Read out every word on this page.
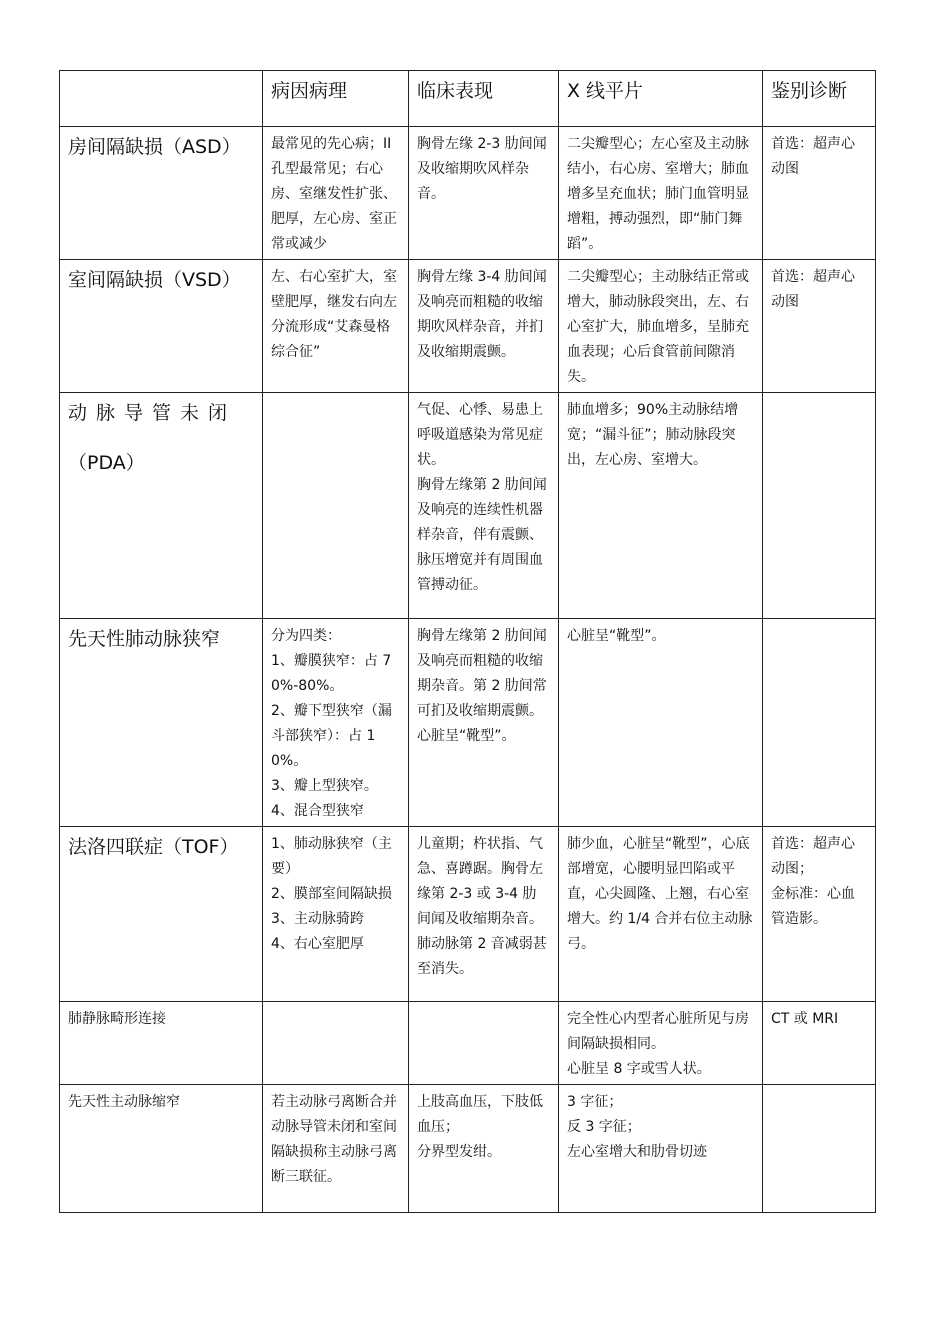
	病因病理	临床表现	X 线平片	鉴别诊断
房间隔缺损（ASD）	最常见的先心病；II 孔型最常见；右心房、室继发性扩张、肥厚，左心房、室正常或减少	胸骨左缘 2-3 肋间闻及收缩期吹风样杂音。	二尖瓣型心；左心室及主动脉结小，右心房、室增大；肺血增多呈充血状；肺门血管明显增粗，搏动强烈，即“肺门舞蹈”。	首选：超声心动图

室间隔缺损（VSD）	左、右心室扩大，室壁肥厚，继发右向左分流形成“艾森曼格综合征”	胸骨左缘 3-4 肋间闻及响亮而粗糙的收缩期吹风样杂音，并扪及收缩期震颤。	二尖瓣型心；主动脉结正常或增大，肺动脉段突出，左、右心室扩大，肺血增多，呈肺充血表现；心后食管前间隙消失。	首选：超声心动图

动脉导管未闭
（PDA）		气促、心悸、易患上呼吸道感染为常见症状。
胸骨左缘第 2 肋间闻及响亮的连续性机器样杂音，伴有震颤、脉压增宽并有周围血管搏动征。	肺血增多；90%主动脉结增宽；“漏斗征”；肺动脉段突出，左心房、室增大。	

先天性肺动脉狭窄	分为四类：
1、瓣膜狭窄：占 70%-80%。
2、瓣下型狭窄（漏斗部狭窄）：占 10%。
3、瓣上型狭窄。
4、混合型狭窄	胸骨左缘第 2 肋间闻及响亮而粗糙的收缩期杂音。第 2 肋间常可扪及收缩期震颤。心脏呈“靴型”。	心脏呈“靴型”。	

法洛四联症（TOF）	1、肺动脉狭窄（主要）
2、膜部室间隔缺损
3、主动脉骑跨
4、右心室肥厚	儿童期；杵状指、气急、喜蹲踞。胸骨左缘第 2-3 或 3-4 肋间闻及收缩期杂音。肺动脉第 2 音减弱甚至消失。	肺少血，心脏呈“靴型”，心底部增宽，心腰明显凹陷或平直，心尖圆隆、上翘，右心室增大。约 1/4 合并右位主动脉弓。	首选：超声心动图；
金标准：心血管造影。

肺静脉畸形连接			完全性心内型者心脏所见与房间隔缺损相同。
心脏呈 8 字或雪人状。	CT 或 MRI

先天性主动脉缩窄	若主动脉弓离断合并动脉导管未闭和室间隔缺损称主动脉弓离断三联征。	上肢高血压，下肢低血压；
分界型发绀。	3 字征；
反 3 字征；
左心室增大和肋骨切迹	
